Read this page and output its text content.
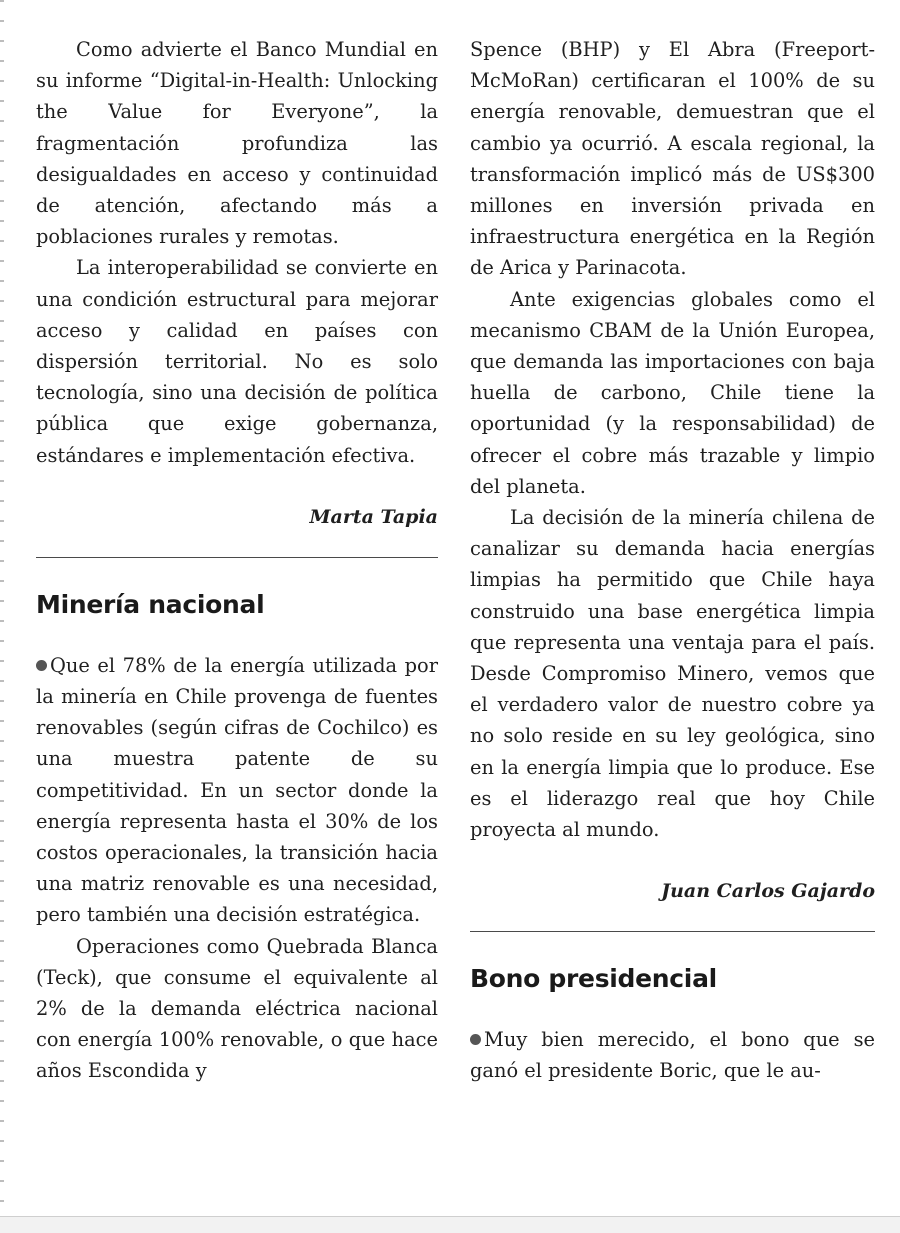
Como advierte el Banco Mundial en su informe “Digital-in-Health: Unlocking the Value for Everyone”, la fragmentación profundiza las desigualdades en acceso y continuidad de atención, afectando más a poblaciones rurales y remotas.

La interoperabilidad se convierte en una condición estructural para mejorar acceso y calidad en países con dispersión territorial. No es solo tecnología, sino una decisión de política pública que exige gobernanza, estándares e implementación efectiva.

Marta Tapia

Minería nacional

Que el 78% de la energía utilizada por la minería en Chile provenga de fuentes renovables (según cifras de Cochilco) es una muestra patente de su competitividad. En un sector donde la energía representa hasta el 30% de los costos operacionales, la transición hacia una matriz renovable es una necesidad, pero también una decisión estratégica.

Operaciones como Quebrada Blanca (Teck), que consume el equivalente al 2% de la demanda eléctrica nacional con energía 100% renovable, o que hace años Escondida y

Spence (BHP) y El Abra (Freeport-McMoRan) certificaran el 100% de su energía renovable, demuestran que el cambio ya ocurrió. A escala regional, la transformación implicó más de US$300 millones en inversión privada en infraestructura energética en la Región de Arica y Parinacota.

Ante exigencias globales como el mecanismo CBAM de la Unión Europea, que demanda las importaciones con baja huella de carbono, Chile tiene la oportunidad (y la responsabilidad) de ofrecer el cobre más trazable y limpio del planeta.

La decisión de la minería chilena de canalizar su demanda hacia energías limpias ha permitido que Chile haya construido una base energética limpia que representa una ventaja para el país. Desde Compromiso Minero, vemos que el verdadero valor de nuestro cobre ya no solo reside en su ley geológica, sino en la energía limpia que lo produce. Ese es el liderazgo real que hoy Chile proyecta al mundo.

Juan Carlos Gajardo

Bono presidencial

Muy bien merecido, el bono que se ganó el presidente Boric, que le au-
